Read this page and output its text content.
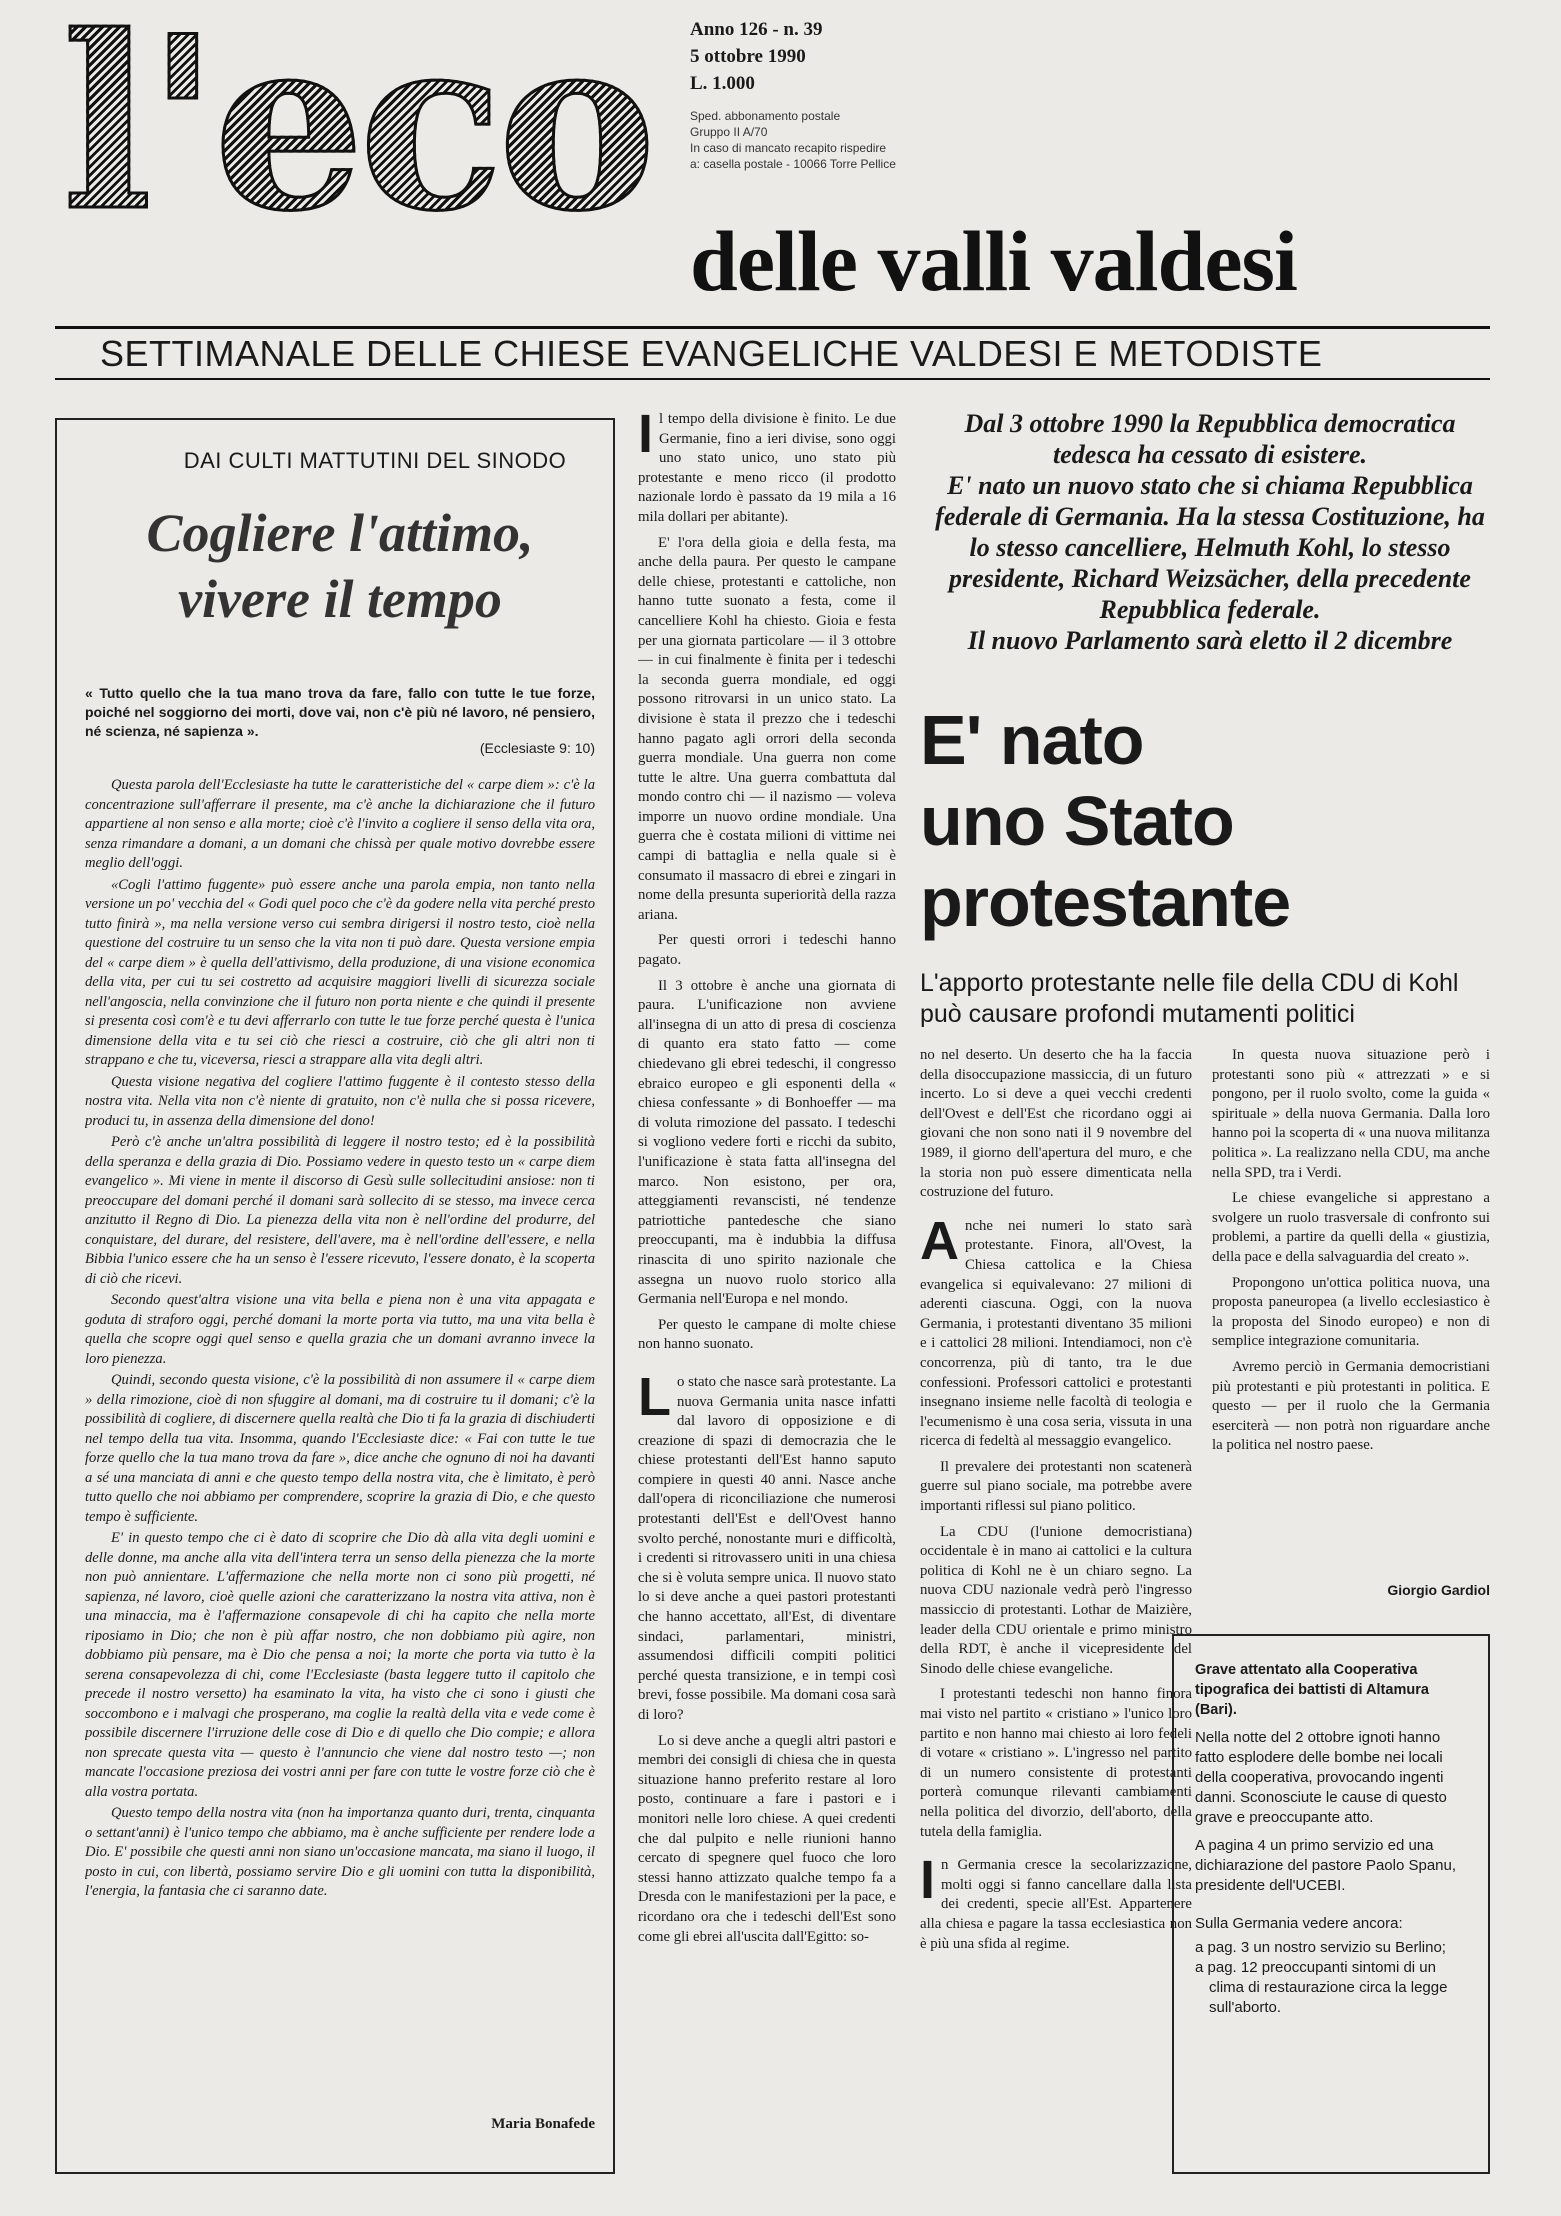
l'eco delle valli valdesi
Anno 126 - n. 39
5 ottobre 1990
L. 1.000
Sped. abbonamento postale
Gruppo II A/70
In caso di mancato recapito rispedire
a: casella postale - 10066 Torre Pellice
SETTIMANALE DELLE CHIESE EVANGELICHE VALDESI E METODISTE
DAI CULTI MATTUTINI DEL SINODO
Cogliere l'attimo,
vivere il tempo
« Tutto quello che la tua mano trova da fare, fallo con tutte le tue forze, poiché nel soggiorno dei morti, dove vai, non c'è più né lavoro, né pensiero, né scienza, né sapienza ».
(Ecclesiaste 9: 10)

Questa parola dell'Ecclesiaste ha tutte le caratteristiche del « carpe diem »: c'è la concentrazione sull'afferrare il presente, ma c'è anche la dichiarazione che il futuro appartiene al non senso e alla morte; cioè c'è l'invito a cogliere il senso della vita ora, senza rimandare a domani, a un domani che chissà per quale motivo dovrebbe essere meglio dell'oggi.

«Cogli l'attimo fuggente» può essere anche una parola empia, non tanto nella versione un po' vecchia del « Godi quel poco che c'è da godere nella vita perché presto tutto finirà », ma nella versione verso cui sembra dirigersi il nostro testo, cioè nella questione del costruire tu un senso che la vita non ti può dare. Questa versione empia del « carpe diem » è quella dell'attivismo, della produzione, di una visione economica della vita, per cui tu sei costretto ad acquisire maggiori livelli di sicurezza sociale nell'angoscia, nella convinzione che il futuro non porta niente e che quindi il presente si presenta così com'è e tu devi afferrarlo con tutte le tue forze perché questa è l'unica dimensione della vita e tu sei ciò che riesci a costruire, ciò che gli altri non ti strappano e che tu, viceversa, riesci a strappare alla vita degli altri.

Questa visione negativa del cogliere l'attimo fuggente è il contesto stesso della nostra vita. Nella vita non c'è niente di gratuito, non c'è nulla che si possa ricevere, produci tu, in assenza della dimensione del dono!

Però c'è anche un'altra possibilità di leggere il nostro testo; ed è la possibilità della speranza e della grazia di Dio. Possiamo vedere in questo testo un « carpe diem evangelico ». Mi viene in mente il discorso di Gesù sulle sollecitudini ansiose: non ti preoccupare del domani perché il domani sarà sollecito di se stesso, ma invece cerca anzitutto il Regno di Dio. La pienezza della vita non è nell'ordine del produrre, del conquistare, del durare, del resistere, dell'avere, ma è nell'ordine dell'essere, e nella Bibbia l'unico essere che ha un senso è l'essere ricevuto, l'essere donato, è la scoperta di ciò che ricevi.

Secondo quest'altra visione una vita bella e piena non è una vita appagata e goduta di straforo oggi, perché domani la morte porta via tutto, ma una vita bella è quella che scopre oggi quel senso e quella grazia che un domani avranno invece la loro pienezza.

Quindi, secondo questa visione, c'è la possibilità di non assumere il « carpe diem » della rimozione, cioè di non sfuggire al domani, ma di costruire tu il domani; c'è la possibilità di cogliere, di discernere quella realtà che Dio ti fa la grazia di dischiuderti nel tempo della tua vita. Insomma, quando l'Ecclesiaste dice: « Fai con tutte le tue forze quello che la tua mano trova da fare », dice anche che ognuno di noi ha davanti a sé una manciata di anni e che questo tempo della nostra vita, che è limitato, è però tutto quello che noi abbiamo per comprendere, scoprire la grazia di Dio, e che questo tempo è sufficiente.

E' in questo tempo che ci è dato di scoprire che Dio dà alla vita degli uomini e delle donne, ma anche alla vita dell'intera terra un senso della pienezza che la morte non può annientare. L'affermazione che nella morte non ci sono più progetti, né sapienza, né lavoro, cioè quelle azioni che caratterizzano la nostra vita attiva, non è una minaccia, ma è l'affermazione consapevole di chi ha capito che nella morte riposiamo in Dio; che non è più affar nostro, che non dobbiamo più agire, non dobbiamo più pensare, ma è Dio che pensa a noi; la morte che porta via tutto è la serena consapevolezza di chi, come l'Ecclesiaste (basta leggere tutto il capitolo che precede il nostro versetto) ha esaminato la vita, ha visto che ci sono i giusti che soccombono e i malvagi che prosperano, ma coglie la realtà della vita e vede come è possibile discernere l'irruzione delle cose di Dio e di quello che Dio compie; e allora non sprecate questa vita — questo è l'annuncio che viene dal nostro testo —; non mancate l'occasione preziosa dei vostri anni per fare con tutte le vostre forze ciò che è alla vostra portata.

Questo tempo della nostra vita (non ha importanza quanto duri, trenta, cinquanta o settant'anni) è l'unico tempo che abbiamo, ma è anche sufficiente per rendere lode a Dio. E' possibile che questi anni non siano un'occasione mancata, ma siano il luogo, il posto in cui, con libertà, possiamo servire Dio e gli uomini con tutta la disponibilità, l'energia, la fantasia che ci saranno date.

Maria Bonafede

Il tempo della divisione è finito. Le due Germanie, fino a ieri divise, sono oggi uno stato unico, uno stato più protestante e meno ricco (il prodotto nazionale lordo è passato da 19 mila a 16 mila dollari per abitante).

E' l'ora della gioia e della festa, ma anche della paura. Per questo le campane delle chiese, protestanti e cattoliche, non hanno tutte suonato a festa, come il cancelliere Kohl ha chiesto. Gioia e festa per una giornata particolare — il 3 ottobre — in cui finalmente è finita per i tedeschi la seconda guerra mondiale, ed oggi possono ritrovarsi in un unico stato. La divisione è stata il prezzo che i tedeschi hanno pagato agli orrori della seconda guerra mondiale. Una guerra non come tutte le altre. Una guerra combattuta dal mondo contro chi — il nazismo — voleva imporre un nuovo ordine mondiale. Una guerra che è costata milioni di vittime nei campi di battaglia e nella quale si è consumato il massacro di ebrei e zingari in nome della presunta superiorità della razza ariana.

Per questi orrori i tedeschi hanno pagato.

Il 3 ottobre è anche una giornata di paura. L'unificazione non avviene all'insegna di un atto di presa di coscienza di quanto era stato fatto — come chiedevano gli ebrei tedeschi, il congresso ebraico europeo e gli esponenti della « chiesa confessante » di Bonhoeffer — ma di voluta rimozione del passato. I tedeschi si vogliono vedere forti e ricchi da subito, l'unificazione è stata fatta all'insegna del marco. Non esistono, per ora, atteggiamenti revanscisti, né tendenze patriottiche pantedesche che siano preoccupanti, ma è indubbia la diffusa rinascita di uno spirito nazionale che assegna un nuovo ruolo storico alla Germania nell'Europa e nel mondo.

Per questo le campane di molte chiese non hanno suonato.

Lo stato che nasce sarà protestante. La nuova Germania unita nasce infatti dal lavoro di opposizione e di creazione di spazi di democrazia che le chiese protestanti dell'Est hanno saputo compiere in questi 40 anni. Nasce anche dall'opera di riconciliazione che numerosi protestanti dell'Est e dell'Ovest hanno svolto perché, nonostante muri e difficoltà, i credenti si ritrovassero uniti in una chiesa che si è voluta sempre unica. Il nuovo stato lo si deve anche a quei pastori protestanti che hanno accettato, all'Est, di diventare sindaci, parlamentari, ministri, assumendosi difficili compiti politici perché questa transizione, e in tempi così brevi, fosse possibile. Ma domani cosa sarà di loro?

Lo si deve anche a quegli altri pastori e membri dei consigli di chiesa che in questa situazione hanno preferito restare al loro posto, continuare a fare i pastori e i monitori nelle loro chiese. A quei credenti che dal pulpito e nelle riunioni hanno cercato di spegnere quel fuoco che loro stessi hanno attizzato qualche tempo fa a Dresda con le manifestazioni per la pace, e ricordano ora che i tedeschi dell'Est sono come gli ebrei all'uscita dall'Egitto: so-

Dal 3 ottobre 1990 la Repubblica democratica tedesca ha cessato di esistere.
E' nato un nuovo stato che si chiama Repubblica federale di Germania. Ha la stessa Costituzione, ha lo stesso cancelliere, Helmuth Kohl, lo stesso presidente, Richard Weizsächer, della precedente Repubblica federale.
Il nuovo Parlamento sarà eletto il 2 dicembre
E' nato
uno Stato
protestante
L'apporto protestante nelle file della CDU di Kohl può causare profondi mutamenti politici

no nel deserto. Un deserto che ha la faccia della disoccupazione massiccia, di un futuro incerto. Lo si deve a quei vecchi credenti dell'Ovest e dell'Est che ricordano oggi ai giovani che non sono nati il 9 novembre del 1989, il giorno dell'apertura del muro, e che la storia non può essere dimenticata nella costruzione del futuro.

Anche nei numeri lo stato sarà protestante. Finora, all'Ovest, la Chiesa cattolica e la Chiesa evangelica si equivalevano: 27 milioni di aderenti ciascuna. Oggi, con la nuova Germania, i protestanti diventano 35 milioni e i cattolici 28 milioni. Intendiamoci, non c'è concorrenza, più di tanto, tra le due confessioni. Professori cattolici e protestanti insegnano insieme nelle facoltà di teologia e l'ecumenismo è una cosa seria, vissuta in una ricerca di fedeltà al messaggio evangelico.

Il prevalere dei protestanti non scatenerà guerre sul piano sociale, ma potrebbe avere importanti riflessi sul piano politico.

La CDU (l'unione democristiana) occidentale è in mano ai cattolici e la cultura politica di Kohl ne è un chiaro segno. La nuova CDU nazionale vedrà però l'ingresso massiccio di protestanti. Lothar de Maizière, leader della CDU orientale e primo ministro della RDT, è anche il vicepresidente del Sinodo delle chiese evangeliche.

I protestanti tedeschi non hanno finora mai visto nel partito « cristiano » l'unico loro partito e non hanno mai chiesto ai loro fedeli di votare « cristiano ». L'ingresso nel partito di un numero consistente di protestanti porterà comunque rilevanti cambiamenti nella politica del divorzio, dell'aborto, della tutela della famiglia.

In Germania cresce la secolarizzazione, molti oggi si fanno cancellare dalla lista dei credenti, specie all'Est. Appartenere alla chiesa e pagare la tassa ecclesiastica non è più una sfida al regime.

In questa nuova situazione però i protestanti sono più « attrezzati » e si pongono, per il ruolo svolto, come la guida « spirituale » della nuova Germania. Dalla loro hanno poi la scoperta di « una nuova militanza politica ». La realizzano nella CDU, ma anche nella SPD, tra i Verdi.

Le chiese evangeliche si apprestano a svolgere un ruolo trasversale di confronto sui problemi, a partire da quelli della « giustizia, della pace e della salvaguardia del creato ».

Propongono un'ottica politica nuova, una proposta paneuropea (a livello ecclesiastico è la proposta del Sinodo europeo) e non di semplice integrazione comunitaria.

Avremo perciò in Germania democristiani più protestanti e più protestanti in politica. E questo — per il ruolo che la Germania eserciterà — non potrà non riguardare anche la politica nel nostro paese.

Giorgio Gardiol

Grave attentato alla Cooperativa tipografica dei battisti di Altamura (Bari).

Nella notte del 2 ottobre ignoti hanno fatto esplodere delle bombe nei locali della cooperativa, provocando ingenti danni. Sconosciute le cause di questo grave e preoccupante atto.

A pagina 4 un primo servizio ed una dichiarazione del pastore Paolo Spanu, presidente dell'UCEBI.

Sulla Germania vedere ancora:

a pag. 3 un nostro servizio su Berlino;
a pag. 12 preoccupanti sintomi di un clima di restaurazione circa la legge sull'aborto.
